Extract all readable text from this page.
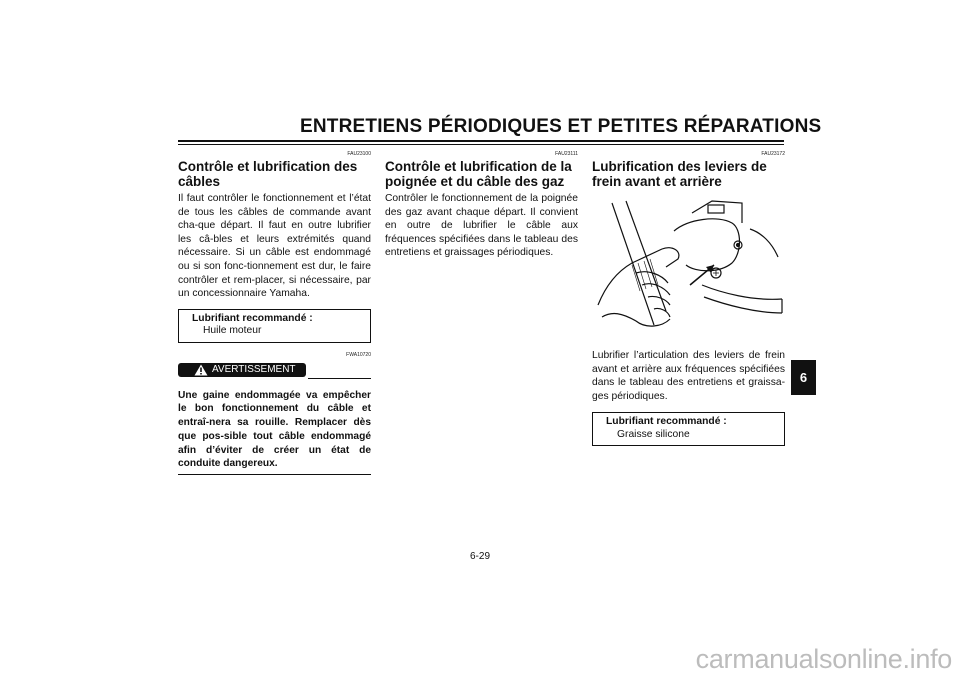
ENTRETIENS PÉRIODIQUES ET PETITES RÉPARATIONS
FAU23100
Contrôle et lubrification des câbles

Il faut contrôler le fonctionnement et l’état de tous les câbles de commande avant cha-que départ. Il faut en outre lubrifier les câ-bles et leurs extrémités quand nécessaire. Si un câble est endommagé ou si son fonc-tionnement est dur, le faire contrôler et rem-placer, si nécessaire, par un concessionnaire Yamaha.

Lubrifiant recommandé :
Huile moteur
FWA10720
AVERTISSEMENT

Une gaine endommagée va empêcher le bon fonctionnement du câble et entraî-nera sa rouille. Remplacer dès que pos-sible tout câble endommagé afin d’éviter de créer un état de conduite dangereux.

FAU23111
Contrôle et lubrification de la poignée et du câble des gaz

Contrôler le fonctionnement de la poignée des gaz avant chaque départ. Il convient en outre de lubrifier le câble aux fréquences spécifiées dans le tableau des entretiens et graissages périodiques.

FAU23172
Lubrification des leviers de frein avant et arrière

Lubrifier l’articulation des leviers de frein avant et arrière aux fréquences spécifiées dans le tableau des entretiens et graissa-ges périodiques.

Lubrifiant recommandé :
Graisse silicone
6
6-29
carmanualsonline.info
